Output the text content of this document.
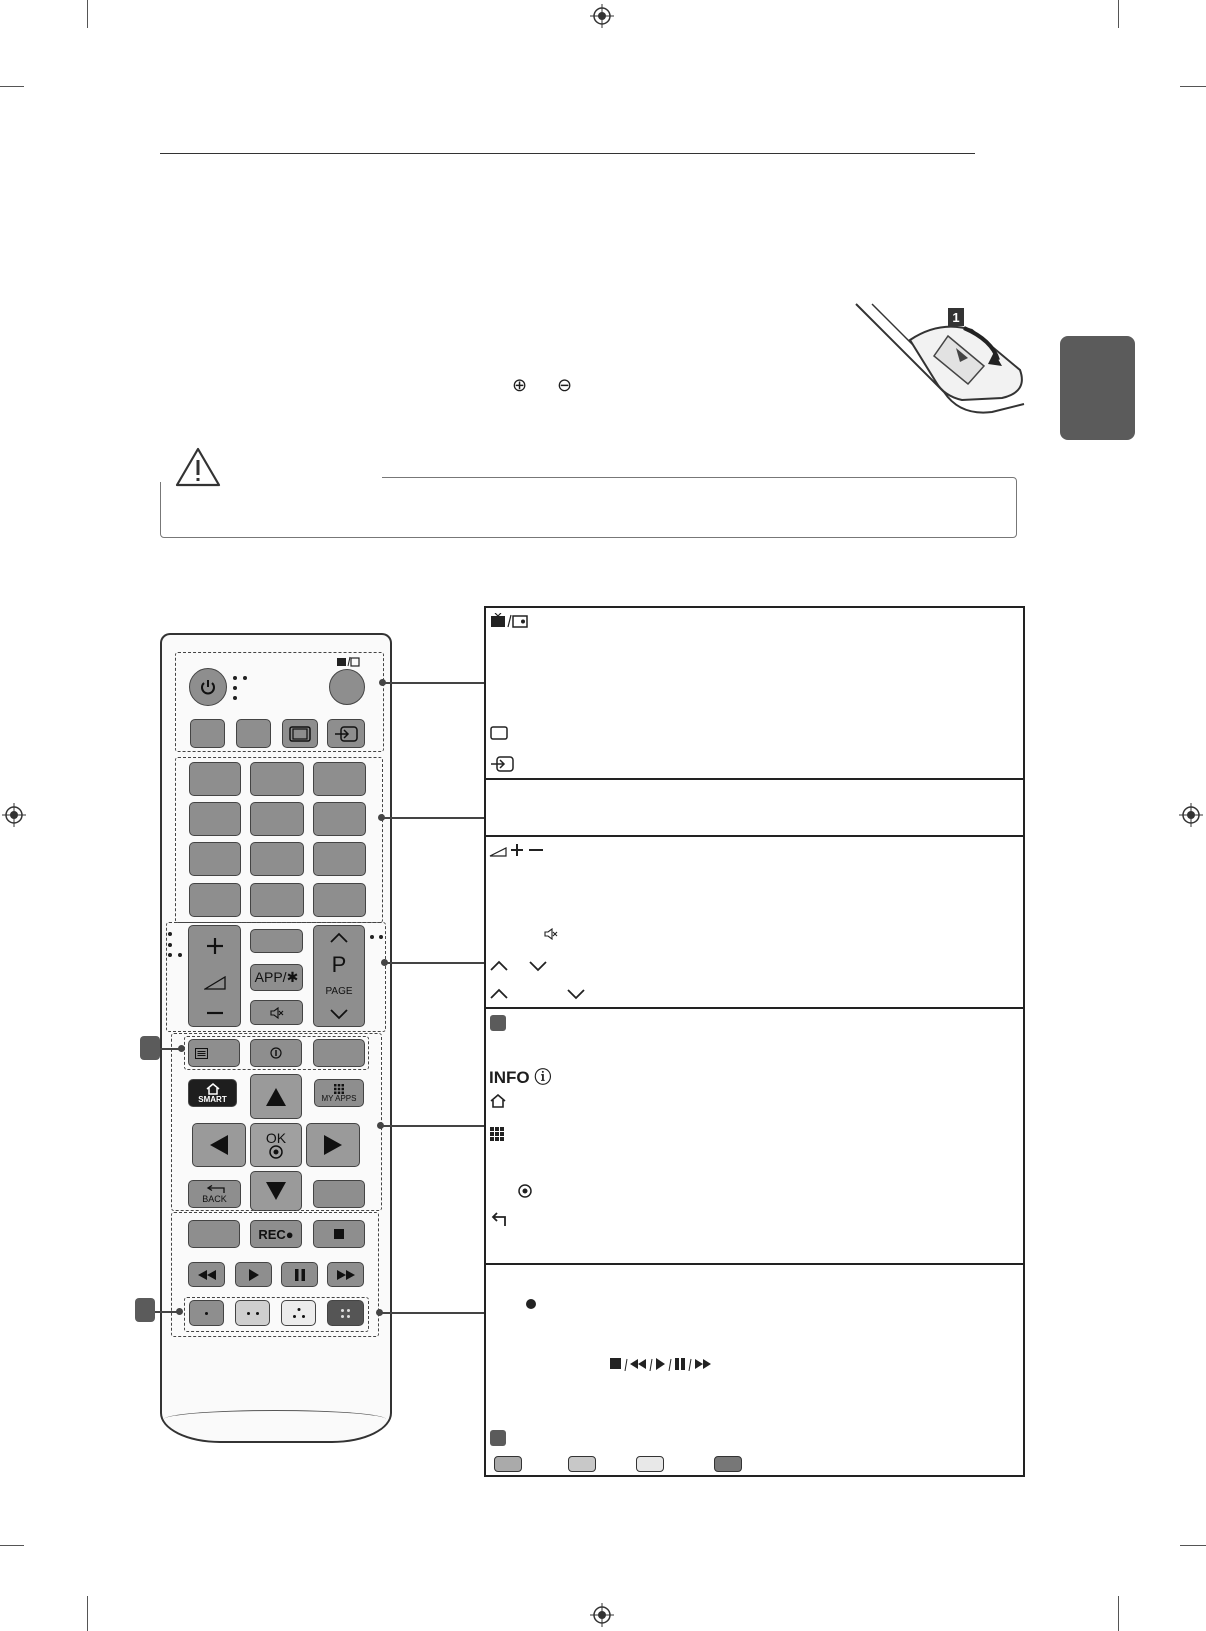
⊕ ⊖
1
APP/✱
P
PAGE
SMART	MY APPS
OK
BACK
REC●
INFO ⓘ
